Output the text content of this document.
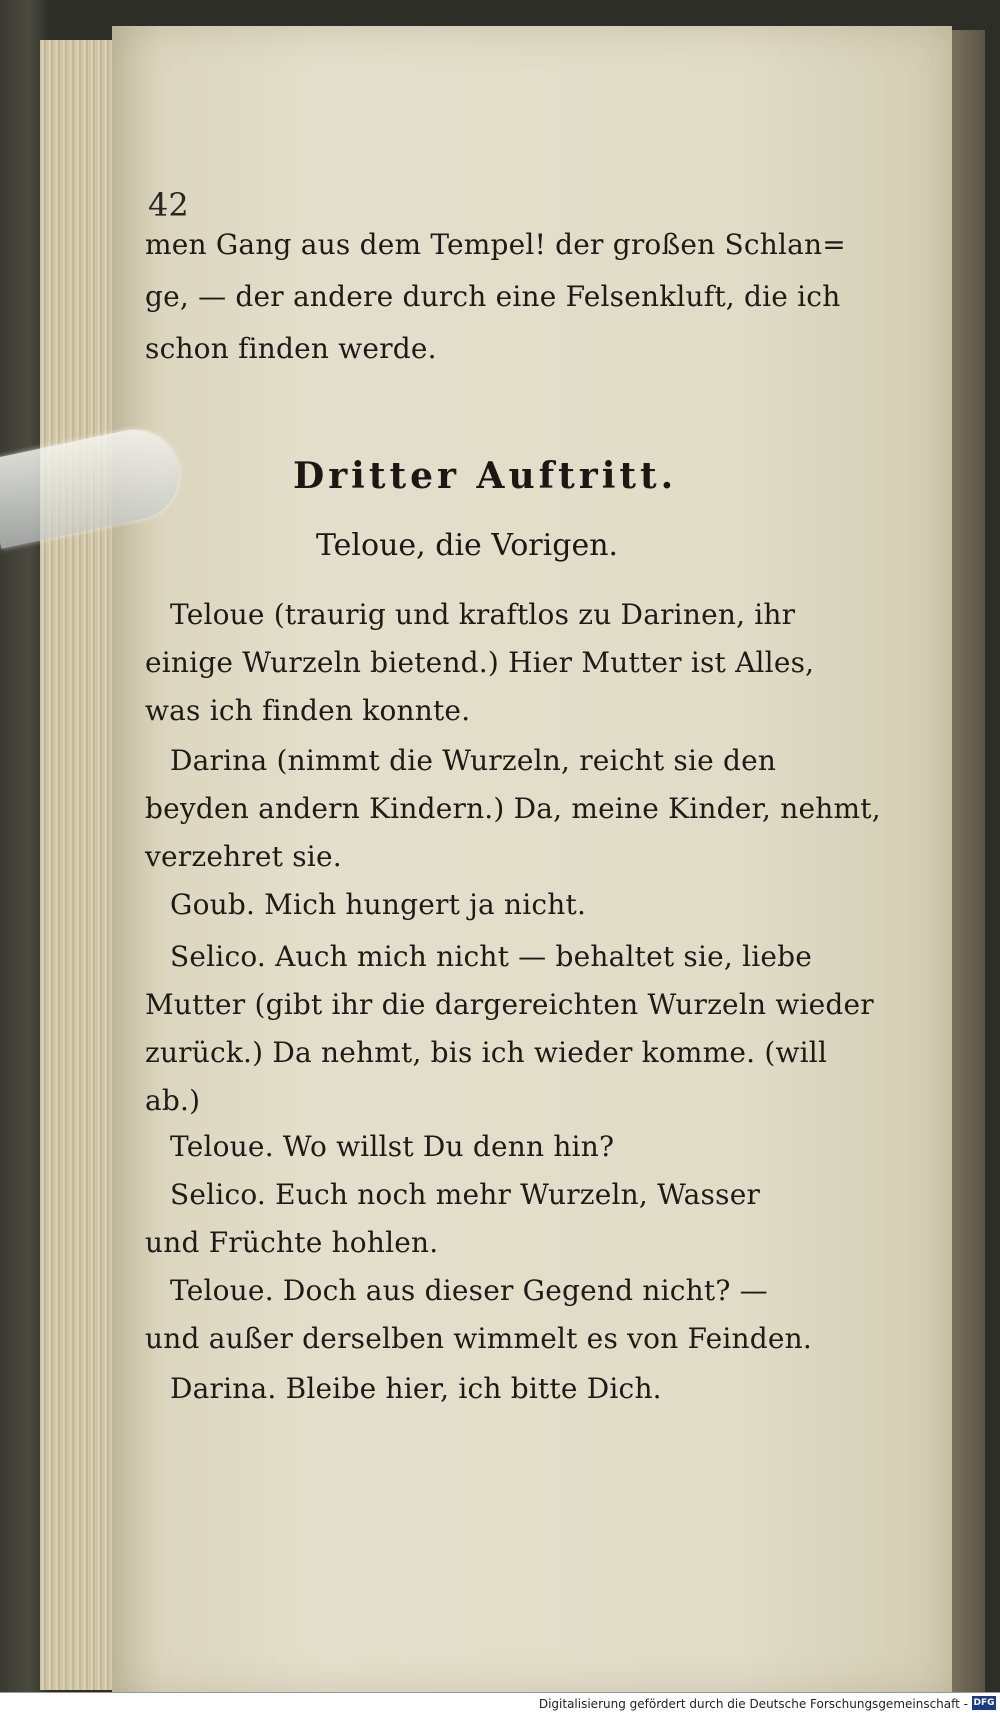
42
men Gang aus dem Tempel! der großen Schlan=
ge, — der andere durch eine Felsenkluft, die ich
schon finden werde.
Dritter Auftritt.
Teloue, die Vorigen.
Teloue (traurig und kraftlos zu Darinen, ihr
einige Wurzeln bietend.) Hier Mutter ist Alles,
was ich finden konnte.
Darina (nimmt die Wurzeln, reicht sie den
beyden andern Kindern.) Da, meine Kinder, nehmt,
verzehret sie.
Goub. Mich hungert ja nicht.
Selico. Auch mich nicht — behaltet sie, liebe
Mutter (gibt ihr die dargereichten Wurzeln wieder
zurück.) Da nehmt, bis ich wieder komme. (will
ab.)
Teloue. Wo willst Du denn hin?
Selico. Euch noch mehr Wurzeln, Wasser
und Früchte hohlen.
Teloue. Doch aus dieser Gegend nicht? —
und außer derselben wimmelt es von Feinden.
Darina. Bleibe hier, ich bitte Dich.
Digitalisierung gefördert durch die Deutsche Forschungsgemeinschaft - DFG
